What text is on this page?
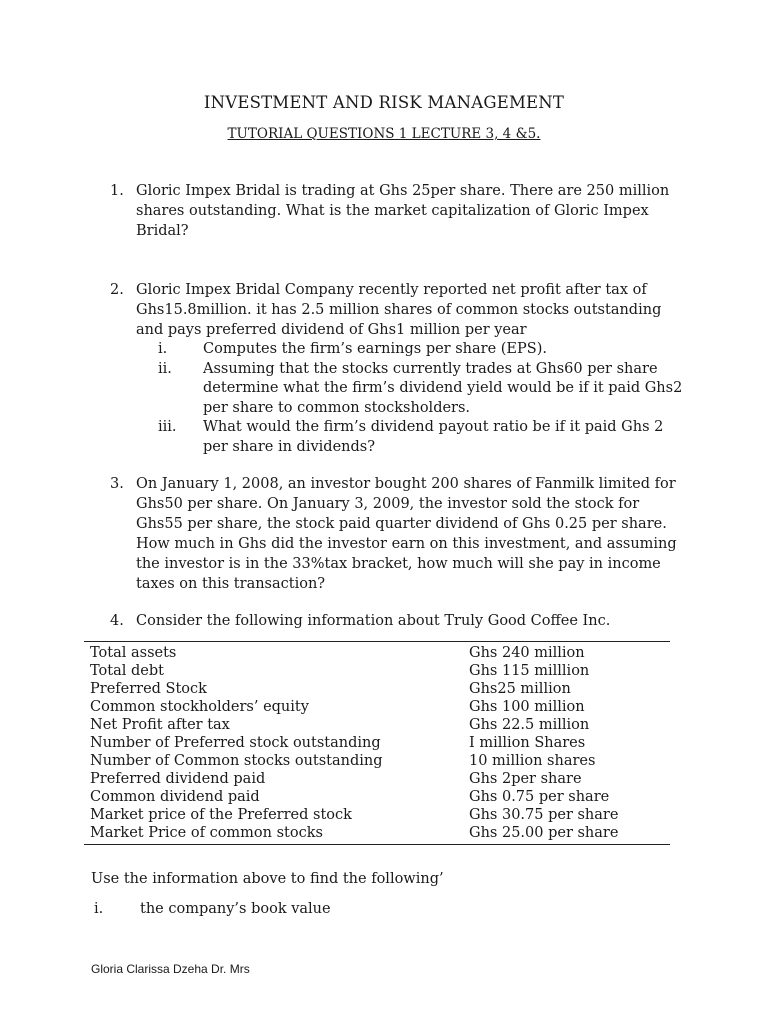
INVESTMENT AND RISK MANAGEMENT
TUTORIAL QUESTIONS 1 LECTURE 3, 4 &5.
1. Gloric Impex Bridal is trading at Ghs 25per share. There are 250 million shares outstanding. What is the market capitalization of Gloric Impex Bridal?
2. Gloric Impex Bridal Company recently reported net profit after tax of Ghs15.8million. it has 2.5 million shares of common stocks outstanding and pays preferred dividend of Ghs1 million per year
i. Computes the firm’s earnings per share (EPS).
ii. Assuming that the stocks currently trades at Ghs60 per share determine what the firm’s dividend yield would be if it paid Ghs2 per share to common stocksholders.
iii. What would the firm’s dividend payout ratio be if it paid Ghs 2 per share in dividends?
3. On January 1, 2008, an investor bought 200 shares of Fanmilk limited for Ghs50 per share. On January 3, 2009, the investor sold the stock for Ghs55 per share, the stock paid quarter dividend of Ghs 0.25 per share. How much in Ghs did the investor earn on this investment, and assuming the investor is in the 33%tax bracket, how much will she pay in income taxes on this transaction?
4. Consider the following information about Truly Good Coffee Inc.
Total assets	Ghs 240 million
Total debt	Ghs 115 milllion
Preferred Stock	Ghs25 million
Common stockholders’ equity	Ghs 100 million
Net Profit after tax	Ghs 22.5 million
Number of Preferred stock outstanding	I million Shares
Number of Common stocks outstanding	10 million shares
Preferred dividend paid	Ghs 2per share
Common dividend paid	Ghs 0.75 per share
Market price of the Preferred stock	Ghs 30.75 per share
Market Price of common stocks	Ghs 25.00 per share
Use the information above to find the following’
i.	the company’s book value
Gloria Clarissa Dzeha Dr. Mrs
